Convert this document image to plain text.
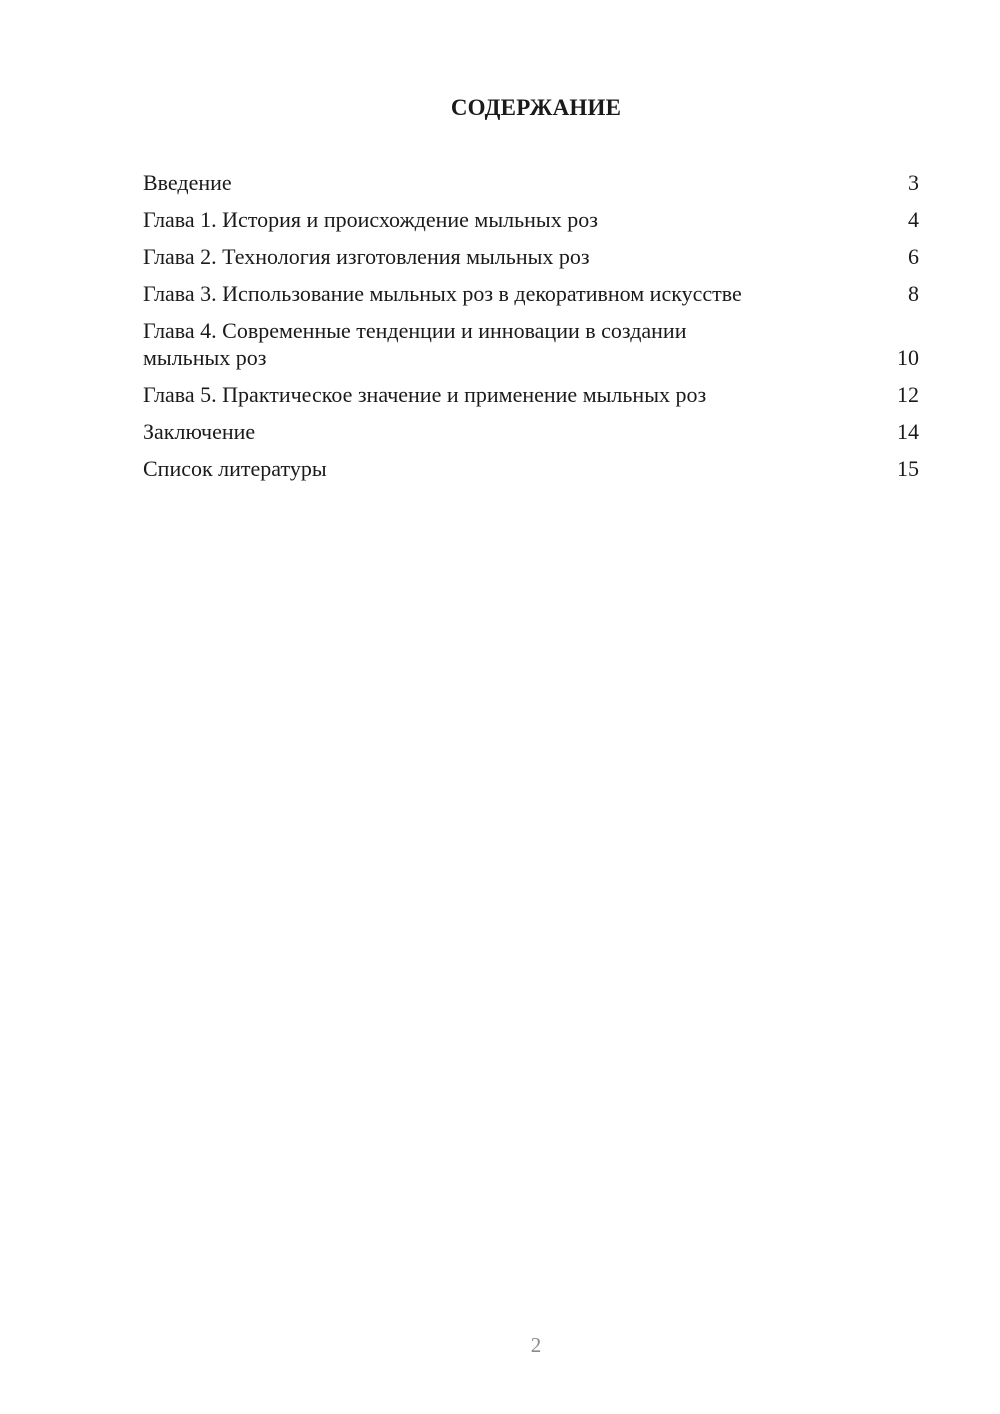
СОДЕРЖАНИЕ
Введение	3
Глава 1. История и происхождение мыльных роз	4
Глава 2. Технология изготовления мыльных роз	6
Глава 3. Использование мыльных роз в декоративном искусстве	8
Глава 4. Современные тенденции и инновации в создании мыльных роз	10
Глава 5. Практическое значение и применение мыльных роз	12
Заключение	14
Список литературы	15
2
